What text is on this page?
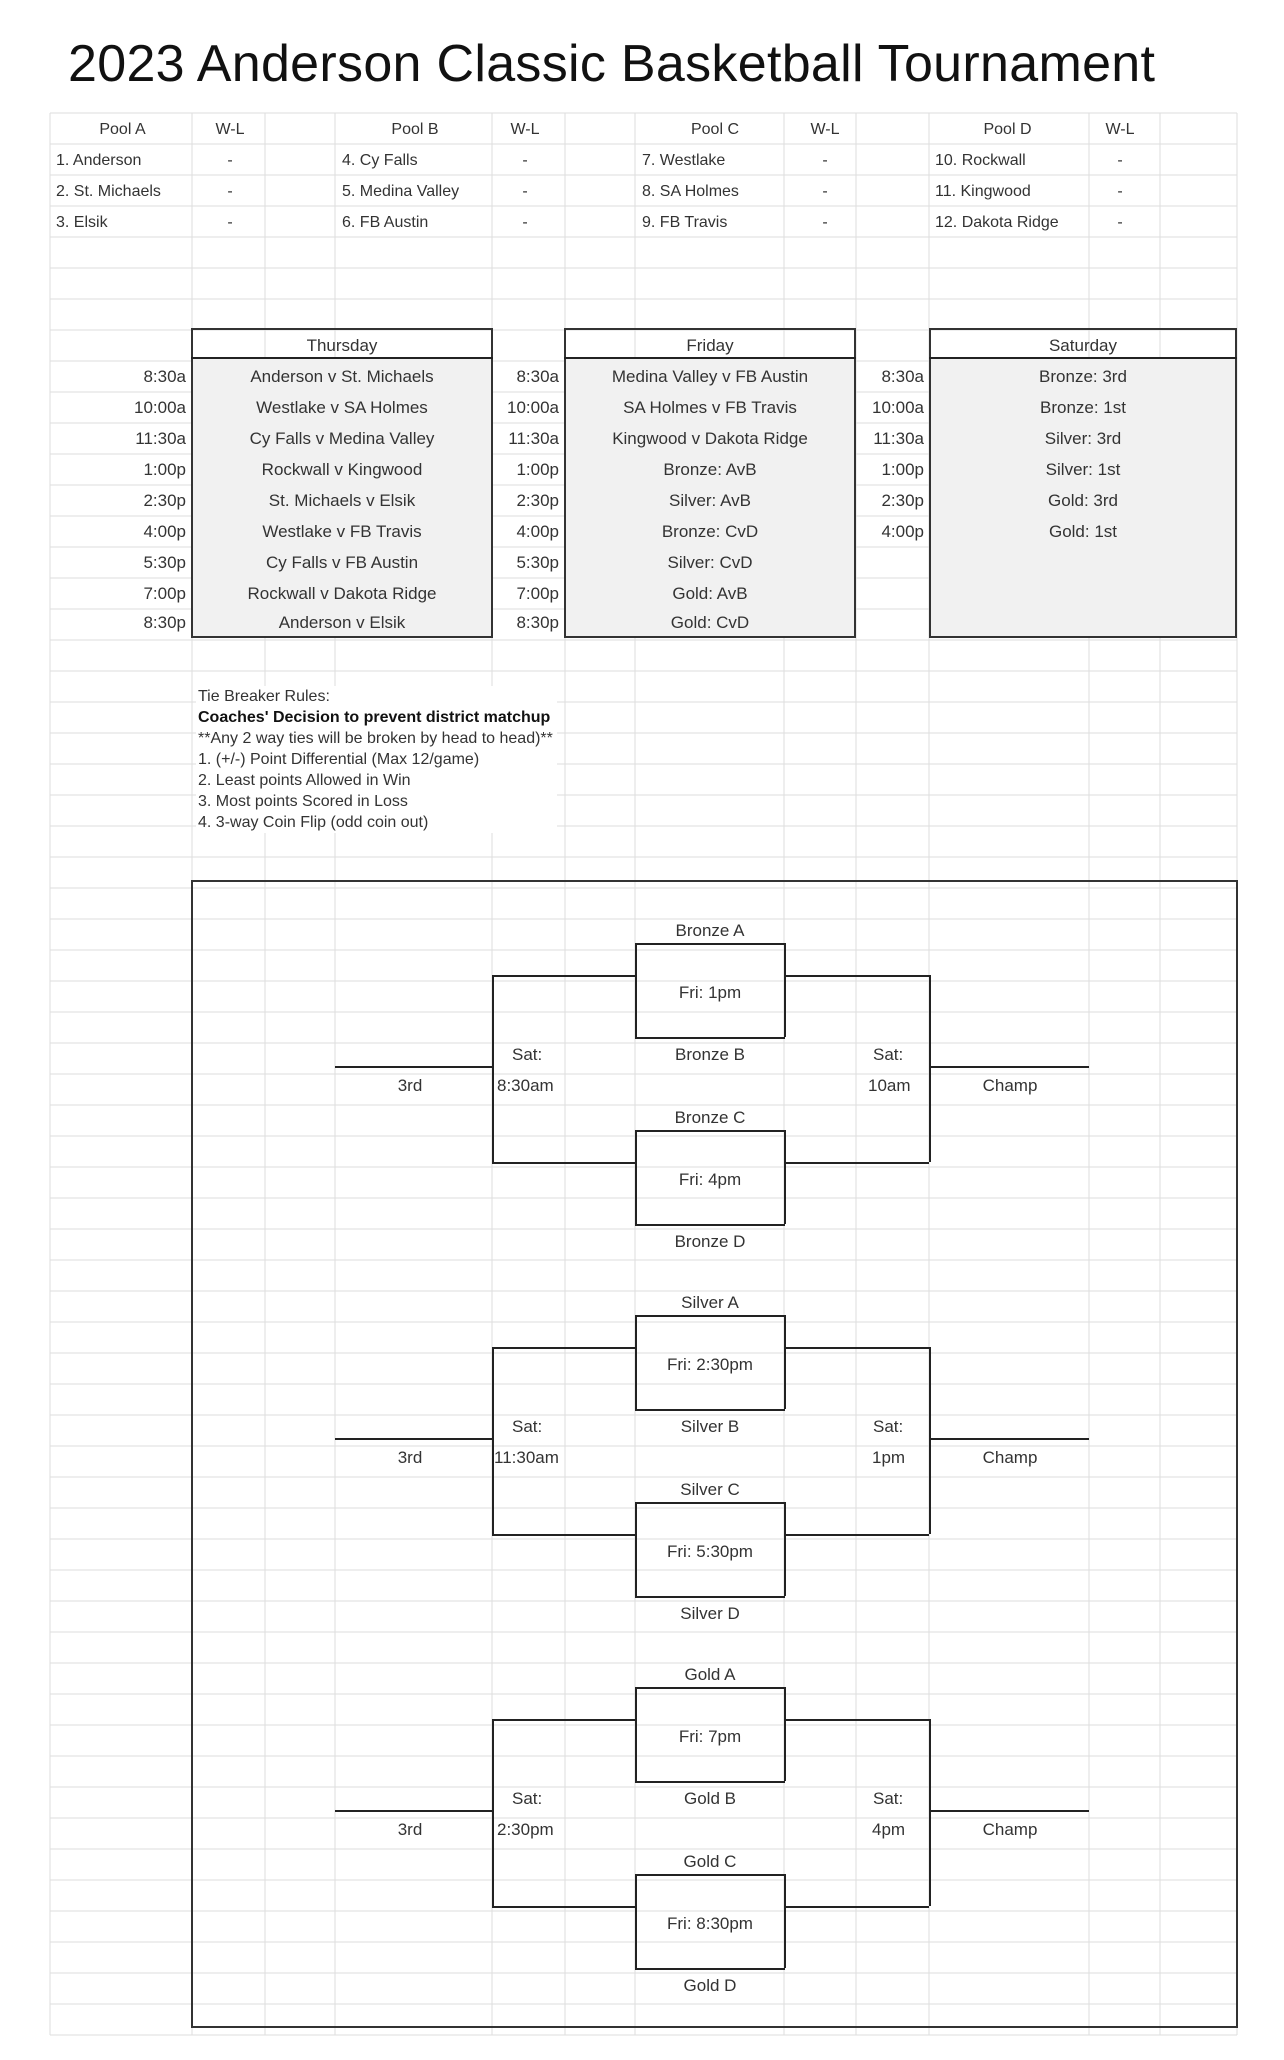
2023 Anderson Classic Basketball Tournament
Pool A	W-L
1. Anderson	-
2. St. Michaels	-
3. Elsik	-
Pool B	W-L
4. Cy Falls	-
5. Medina Valley	-
6. FB Austin	-
Pool C	W-L
7. Westlake	-
8. SA Holmes	-
9. FB Travis	-
Pool D	W-L
10. Rockwall	-
11. Kingwood	-
12. Dakota Ridge	-
Thursday	Friday	Saturday
8:30a	Anderson v St. Michaels
10:00a	Westlake v SA Holmes
11:30a	Cy Falls v Medina Valley
1:00p	Rockwall v Kingwood
2:30p	St. Michaels v Elsik
4:00p	Westlake v FB Travis
5:30p	Cy Falls v FB Austin
7:00p	Rockwall v Dakota Ridge
8:30p	Anderson v Elsik
8:30a	Medina Valley v FB Austin
10:00a	SA Holmes v FB Travis
11:30a	Kingwood v Dakota Ridge
1:00p	Bronze: AvB
2:30p	Silver: AvB
4:00p	Bronze: CvD
5:30p	Silver: CvD
7:00p	Gold: AvB
8:30p	Gold: CvD
8:30a	Bronze: 3rd
10:00a	Bronze: 1st
11:30a	Silver: 3rd
1:00p	Silver: 1st
2:30p	Gold: 3rd
4:00p	Gold: 1st
Tie Breaker Rules:
Coaches' Decision to prevent district matchup
**Any 2 way ties will be broken by head to head)**
1. (+/-) Point Differential (Max 12/game)
2. Least points Allowed in Win
3. Most points Scored in Loss
4. 3-way Coin Flip (odd coin out)
Bronze A
Fri: 1pm
Bronze B
Bronze C
Fri: 4pm
Bronze D
Sat:
8:30am
Sat:
10am
3rd	Champ
Silver A
Fri: 2:30pm
Silver B
Silver C
Fri: 5:30pm
Silver D
Sat:
11:30am
Sat:
1pm
3rd	Champ
Gold A
Fri: 7pm
Gold B
Gold C
Fri: 8:30pm
Gold D
Sat:
2:30pm
Sat:
4pm
3rd	Champ
